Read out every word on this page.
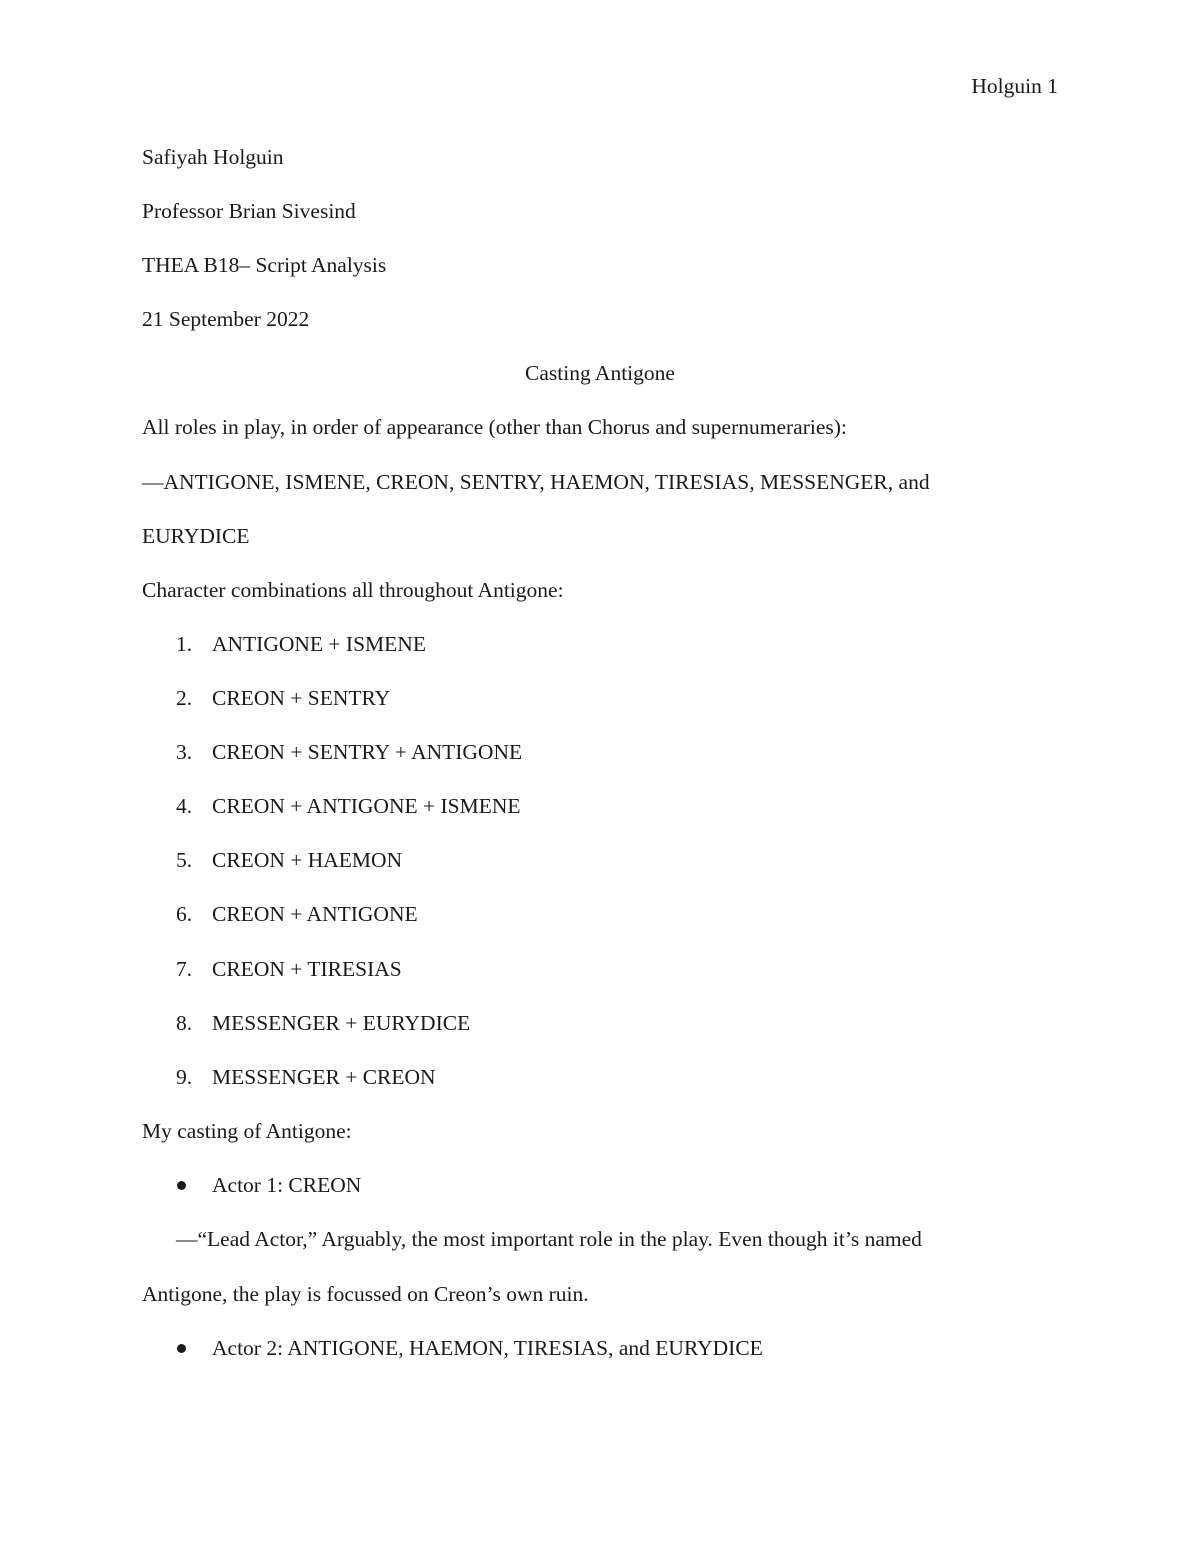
Holguin 1
Safiyah Holguin
Professor Brian Sivesind
THEA B18– Script Analysis
21 September 2022
Casting Antigone
All roles in play, in order of appearance (other than Chorus and supernumeraries):
—ANTIGONE, ISMENE, CREON, SENTRY, HAEMON, TIRESIAS, MESSENGER, and
EURYDICE
Character combinations all throughout Antigone:
1. ANTIGONE + ISMENE
2. CREON + SENTRY
3. CREON + SENTRY + ANTIGONE
4. CREON + ANTIGONE + ISMENE
5. CREON + HAEMON
6. CREON + ANTIGONE
7. CREON + TIRESIAS
8. MESSENGER + EURYDICE
9. MESSENGER + CREON
My casting of Antigone:
Actor 1: CREON
—“Lead Actor,” Arguably, the most important role in the play. Even though it’s named
Antigone, the play is focussed on Creon’s own ruin.
Actor 2: ANTIGONE, HAEMON, TIRESIAS, and EURYDICE
